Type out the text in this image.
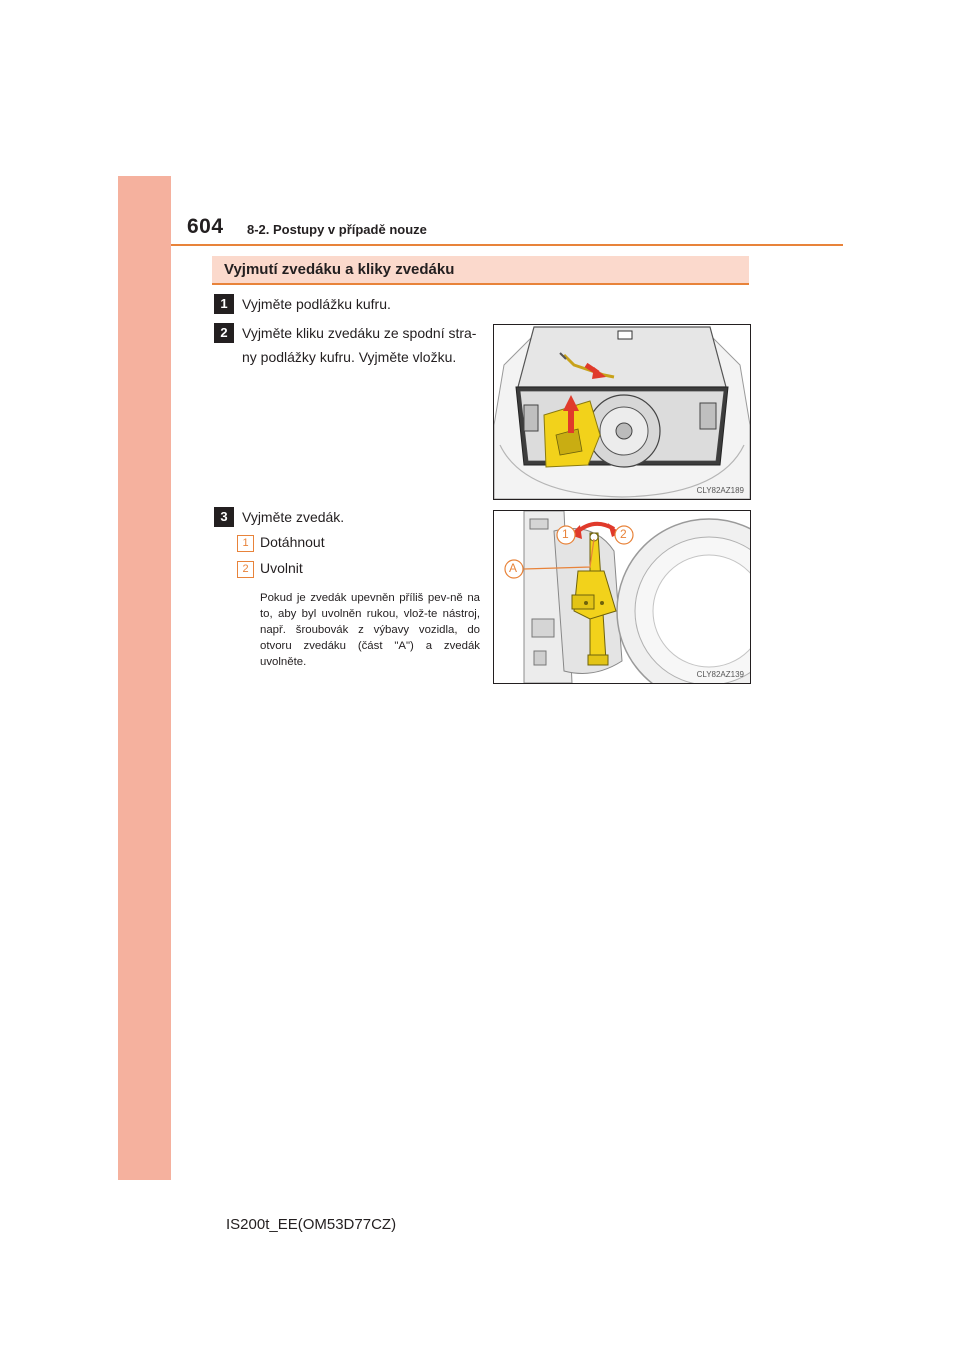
604 8-2. Postupy v případě nouze
Vyjmutí zvedáku a kliky zvedáku
1	Vyjměte podlážku kufru.
2	Vyjměte kliku zvedáku ze spodní stra-
ny podlážky kufru. Vyjměte vložku.
CLY82AZ189
3	Vyjměte zvedák.
1 Dotáhnout
2 Uvolnit
Pokud je zvedák upevněn příliš pev-ně na to, aby byl uvolněn rukou, vlož-te nástroj, např. šroubovák z výbavy vozidla, do otvoru zvedáku (část "A") a zvedák uvolněte.
1	2
A
CLY82AZ139
IS200t_EE(OM53D77CZ)
